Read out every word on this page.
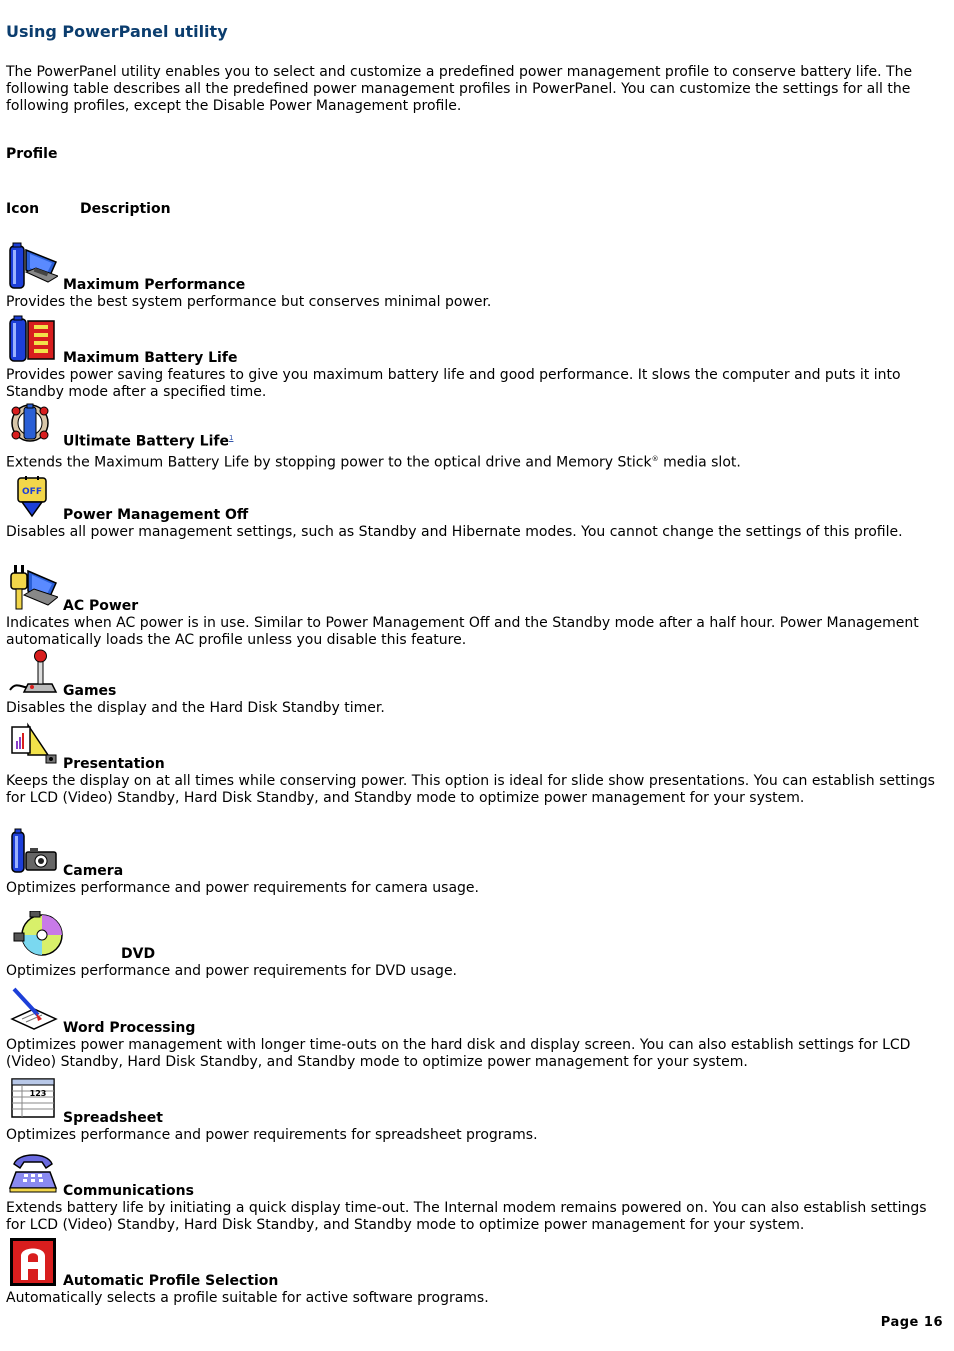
Using PowerPanel utility

The PowerPanel utility enables you to select and customize a predefined power management profile to conserve battery life. The following table describes all the predefined power management profiles in PowerPanel. You can customize the settings for all the following profiles, except the Disable Power Management profile.

Profile
Icon	Description
Maximum Performance

Provides the best system performance but conserves minimal power.

Maximum Battery Life

Provides power saving features to give you maximum battery life and good performance. It slows the computer and puts it into Standby mode after a specified time.

Ultimate Battery Life$^1$

Extends the Maximum Battery Life by stopping power to the optical drive and Memory Stick® media slot.

OFF
Power Management Off

Disables all power management settings, such as Standby and Hibernate modes. You cannot change the settings of this profile.

AC Power

Indicates when AC power is in use. Similar to Power Management Off and the Standby mode after a half hour. Power Management automatically loads the AC profile unless you disable this feature.

Games

Disables the display and the Hard Disk Standby timer.

Presentation

Keeps the display on at all times while conserving power. This option is ideal for slide show presentations. You can establish settings for LCD (Video) Standby, Hard Disk Standby, and Standby mode to optimize power management for your system.

Camera

Optimizes performance and power requirements for camera usage.

DVD

Optimizes performance and power requirements for DVD usage.

Word Processing

Optimizes power management with longer time-outs on the hard disk and display screen. You can also establish settings for LCD (Video) Standby, Hard Disk Standby, and Standby mode to optimize power management for your system.

123
Spreadsheet

Optimizes performance and power requirements for spreadsheet programs.

Communications

Extends battery life by initiating a quick display time-out. The Internal modem remains powered on. You can also establish settings for LCD (Video) Standby, Hard Disk Standby, and Standby mode to optimize power management for your system.

Automatic Profile Selection

Automatically selects a profile suitable for active software programs.

Page 16
